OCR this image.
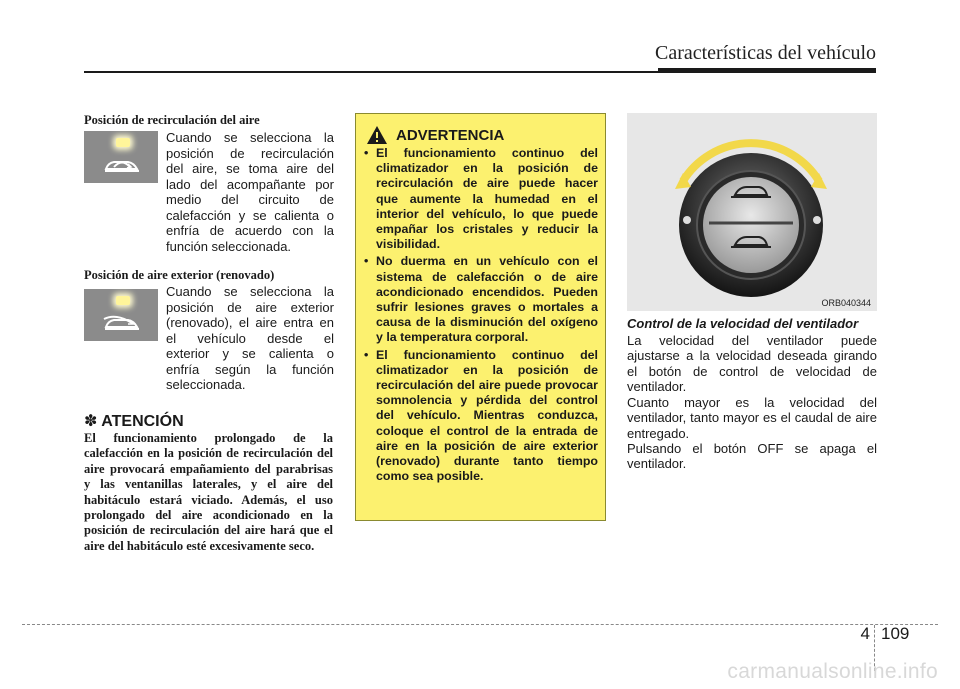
Características del vehículo
Posición de recirculación del aire
Cuando se selecciona la
posición de recirculación
del aire, se toma aire del
lado del acompañante por
medio del circuito de
calefacción y se calienta o
enfría de acuerdo con la
función seleccionada.
Posición de aire exterior (renovado)
Cuando se selecciona la
posición de aire exterior
(renovado), el aire entra en
el vehículo desde el
exterior y se calienta o
enfría según la función
seleccionada.
✽ ATENCIÓN
El funcionamiento prolongado de la calefacción en la posición de recirculación del aire provocará empañamiento del parabrisas y las ventanillas laterales, y el aire del habitáculo estará viciado. Además, el uso prolongado del aire acondicionado en la posición de recirculación del aire hará que el aire del habitáculo esté excesivamente seco.
ADVERTENCIA
• El funcionamiento continuo del climatizador en la posición de recirculación de aire puede hacer que aumente la humedad en el interior del vehículo, lo que puede empañar los cristales y reducir la visibilidad.
• No duerma en un vehículo con el sistema de calefacción o de aire acondicionado encendidos. Pueden sufrir lesiones graves o mortales a causa de la disminución del oxígeno y la temperatura corporal.
• El funcionamiento continuo del climatizador en la posición de recirculación del aire puede provocar somnolencia y pérdida del control del vehículo. Mientras conduzca, coloque el control de la entrada de aire en la posición de aire exterior (renovado) durante tanto tiempo como sea posible.
ORB040344
Control de la velocidad del ventilador
La velocidad del ventilador puede ajustarse a la velocidad deseada girando el botón de control de velocidad de ventilador.
Cuanto mayor es la velocidad del ventilador, tanto mayor es el caudal de aire entregado.
Pulsando el botón OFF se apaga el ventilador.
4 109
carmanualsonline.info
